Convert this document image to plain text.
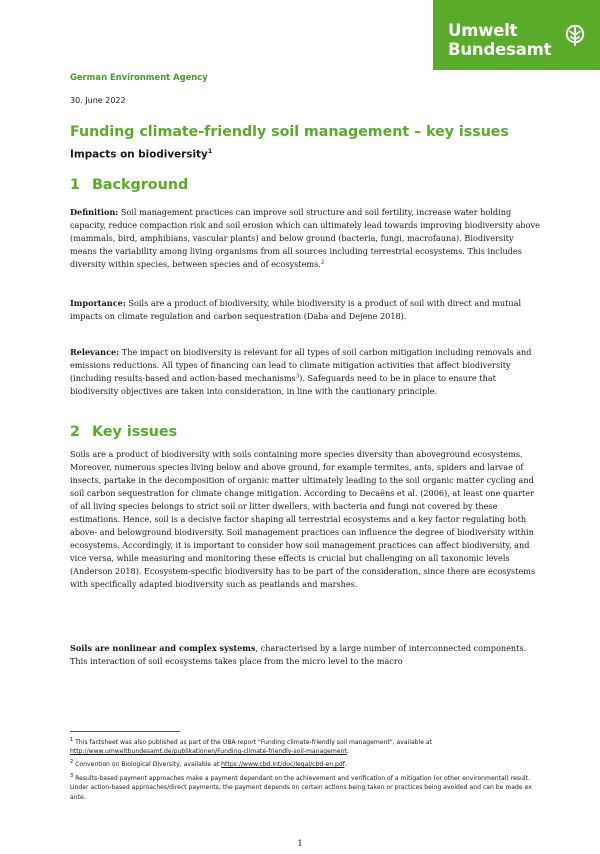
Umwelt
Bundesamt
German Environment Agency
30. June 2022
Funding climate-friendly soil management – key issues
Impacts on biodiversity$^1$
1 Background
Definition: Soil management practices can improve soil structure and soil fertility, increase water holding capacity, reduce compaction risk and soil erosion which can ultimately lead towards improving biodiversity above (mammals, bird, amphibians, vascular plants) and below ground (bacteria, fungi, macrofauna). Biodiversity means the variability among living organisms from all sources including terrestrial ecosystems. This includes diversity within species, between species and of ecosystems.$^2$
Importance: Soils are a product of biodiversity, while biodiversity is a product of soil with direct and mutual impacts on climate regulation and carbon sequestration (Daba and Dejene 2018).
Relevance: The impact on biodiversity is relevant for all types of soil carbon mitigation including removals and emissions reductions. All types of financing can lead to climate mitigation activities that affect biodiversity (including results-based and action-based mechanisms$^3$). Safeguards need to be in place to ensure that biodiversity objectives are taken into consideration, in line with the cautionary principle.
2 Key issues
Soils are a product of biodiversity with soils containing more species diversity than aboveground ecosystems. Moreover, numerous species living below and above ground, for example termites, ants, spiders and larvae of insects, partake in the decomposition of organic matter ultimately leading to the soil organic matter cycling and soil carbon sequestration for climate change mitigation. According to Decaëns et al. (2006), at least one quarter of all living species belongs to strict soil or litter dwellers, with bacteria and fungi not covered by these estimations. Hence, soil is a decisive factor shaping all terrestrial ecosystems and a key factor regulating both above- and belowground biodiversity. Soil management practices can influence the degree of biodiversity within ecosystems. Accordingly, it is important to consider how soil management practices can affect biodiversity, and vice versa, while measuring and monitoring these effects is crucial but challenging on all taxonomic levels (Anderson 2018). Ecosystem-specific biodiversity has to be part of the consideration, since there are ecosystems with specifically adapted biodiversity such as peatlands and marshes.
Soils are nonlinear and complex systems, characterised by a large number of interconnected components. This interaction of soil ecosystems takes place from the micro level to the macro
$^1$ This factsheet was also published as part of the UBA report "Funding climate-friendly soil management", available at http://www.umweltbundesamt.de/publikationen/Funding-climate-friendly-soil-management.
$^2$ Convention on Biological Diversity, available at https://www.cbd.int/doc/legal/cbd-en.pdf.
$^3$ Results-based payment approaches make a payment dependant on the achievement and verification of a mitigation (or other environmental) result. Under action-based approaches/direct payments, the payment depends on certain actions being taken or practices being avoided and can be made ex ante.
1
